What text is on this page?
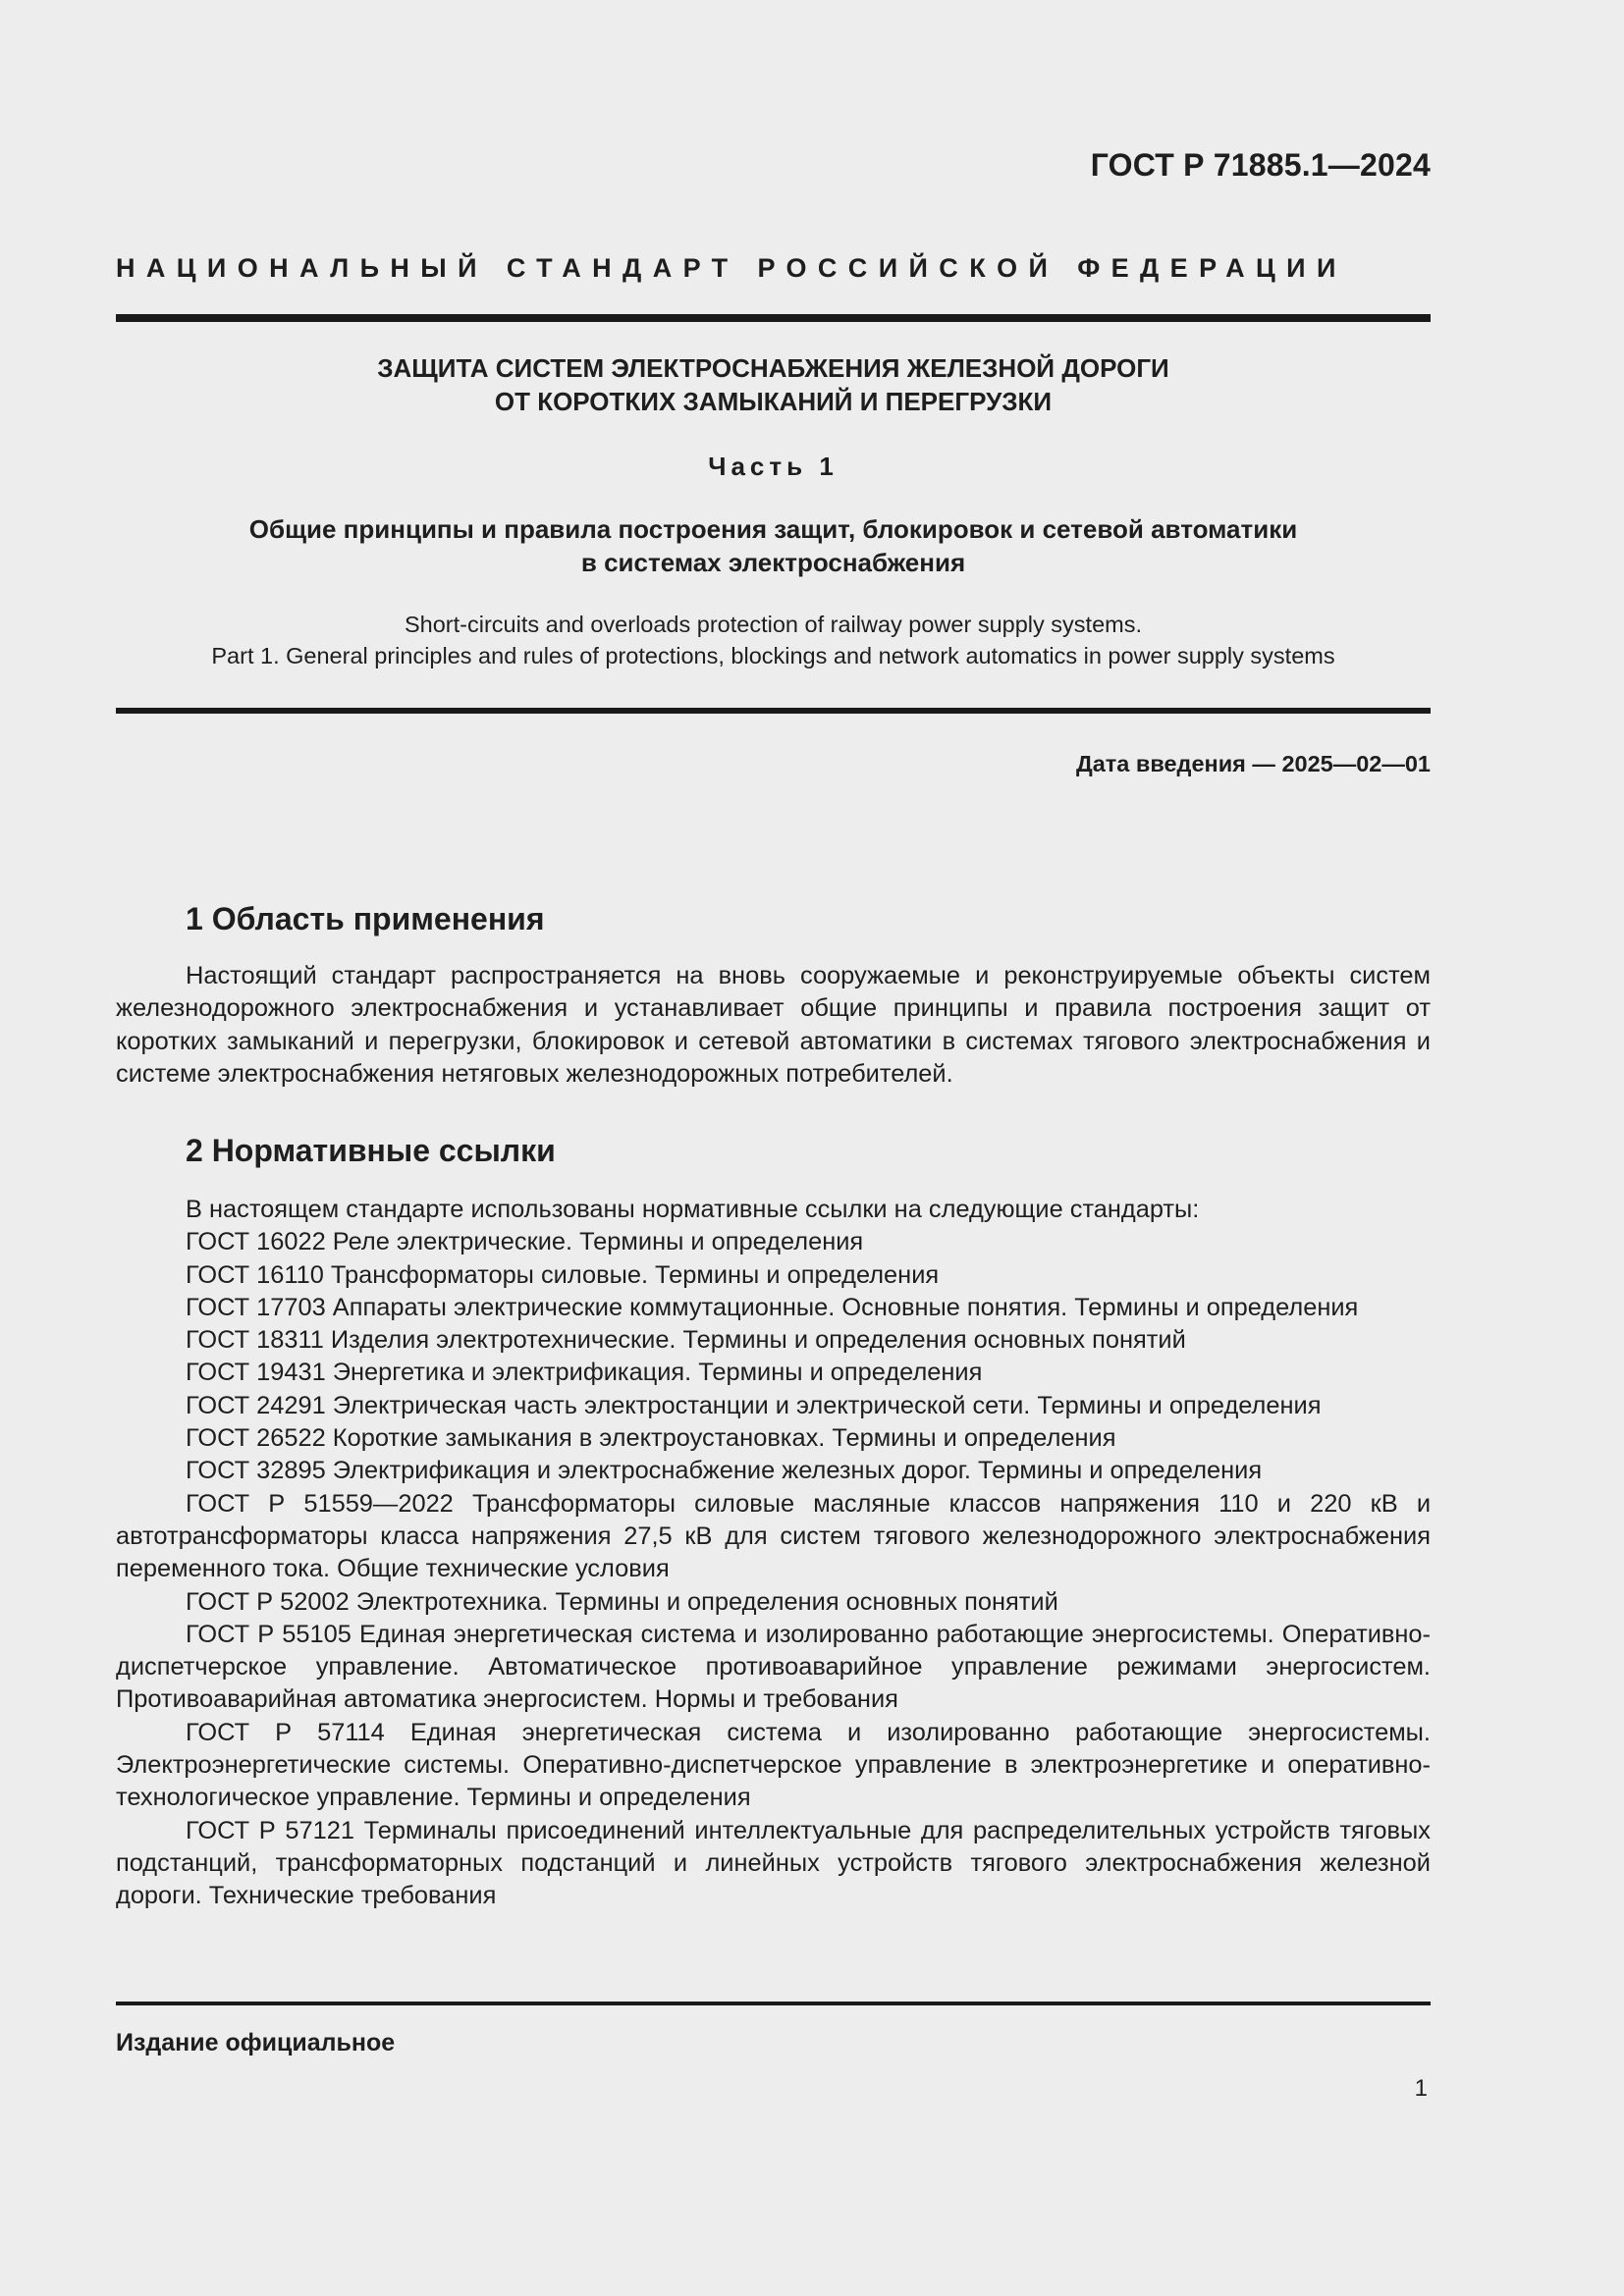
ГОСТ Р 71885.1—2024
НАЦИОНАЛЬНЫЙ СТАНДАРТ РОССИЙСКОЙ ФЕДЕРАЦИИ
ЗАЩИТА СИСТЕМ ЭЛЕКТРОСНАБЖЕНИЯ ЖЕЛЕЗНОЙ ДОРОГИ
ОТ КОРОТКИХ ЗАМЫКАНИЙ И ПЕРЕГРУЗКИ
Часть 1
Общие принципы и правила построения защит, блокировок и сетевой автоматики
в системах электроснабжения
Short-circuits and overloads protection of railway power supply systems.
Part 1. General principles and rules of protections, blockings and network automatics in power supply systems
Дата введения — 2025—02—01
1 Область применения

Настоящий стандарт распространяется на вновь сооружаемые и реконструируемые объекты систем железнодорожного электроснабжения и устанавливает общие принципы и правила построения защит от коротких замыканий и перегрузки, блокировок и сетевой автоматики в системах тягового электроснабжения и системе электроснабжения нетяговых железнодорожных потребителей.

2 Нормативные ссылки

В настоящем стандарте использованы нормативные ссылки на следующие стандарты:

ГОСТ 16022 Реле электрические. Термины и определения

ГОСТ 16110 Трансформаторы силовые. Термины и определения

ГОСТ 17703 Аппараты электрические коммутационные. Основные понятия. Термины и определения

ГОСТ 18311 Изделия электротехнические. Термины и определения основных понятий

ГОСТ 19431 Энергетика и электрификация. Термины и определения

ГОСТ 24291 Электрическая часть электростанции и электрической сети. Термины и определения

ГОСТ 26522 Короткие замыкания в электроустановках. Термины и определения

ГОСТ 32895 Электрификация и электроснабжение железных дорог. Термины и определения

ГОСТ Р 51559—2022 Трансформаторы силовые масляные классов напряжения 110 и 220 кВ и автотрансформаторы класса напряжения 27,5 кВ для систем тягового железнодорожного электроснабжения переменного тока. Общие технические условия

ГОСТ Р 52002 Электротехника. Термины и определения основных понятий

ГОСТ Р 55105 Единая энергетическая система и изолированно работающие энергосистемы. Оперативно-диспетчерское управление. Автоматическое противоаварийное управление режимами энергосистем. Противоаварийная автоматика энергосистем. Нормы и требования

ГОСТ Р 57114 Единая энергетическая система и изолированно работающие энергосистемы. Электроэнергетические системы. Оперативно-диспетчерское управление в электроэнергетике и оперативно-технологическое управление. Термины и определения

ГОСТ Р 57121 Терминалы присоединений интеллектуальные для распределительных устройств тяговых подстанций, трансформаторных подстанций и линейных устройств тягового электроснабжения железной дороги. Технические требования

Издание официальное
1
